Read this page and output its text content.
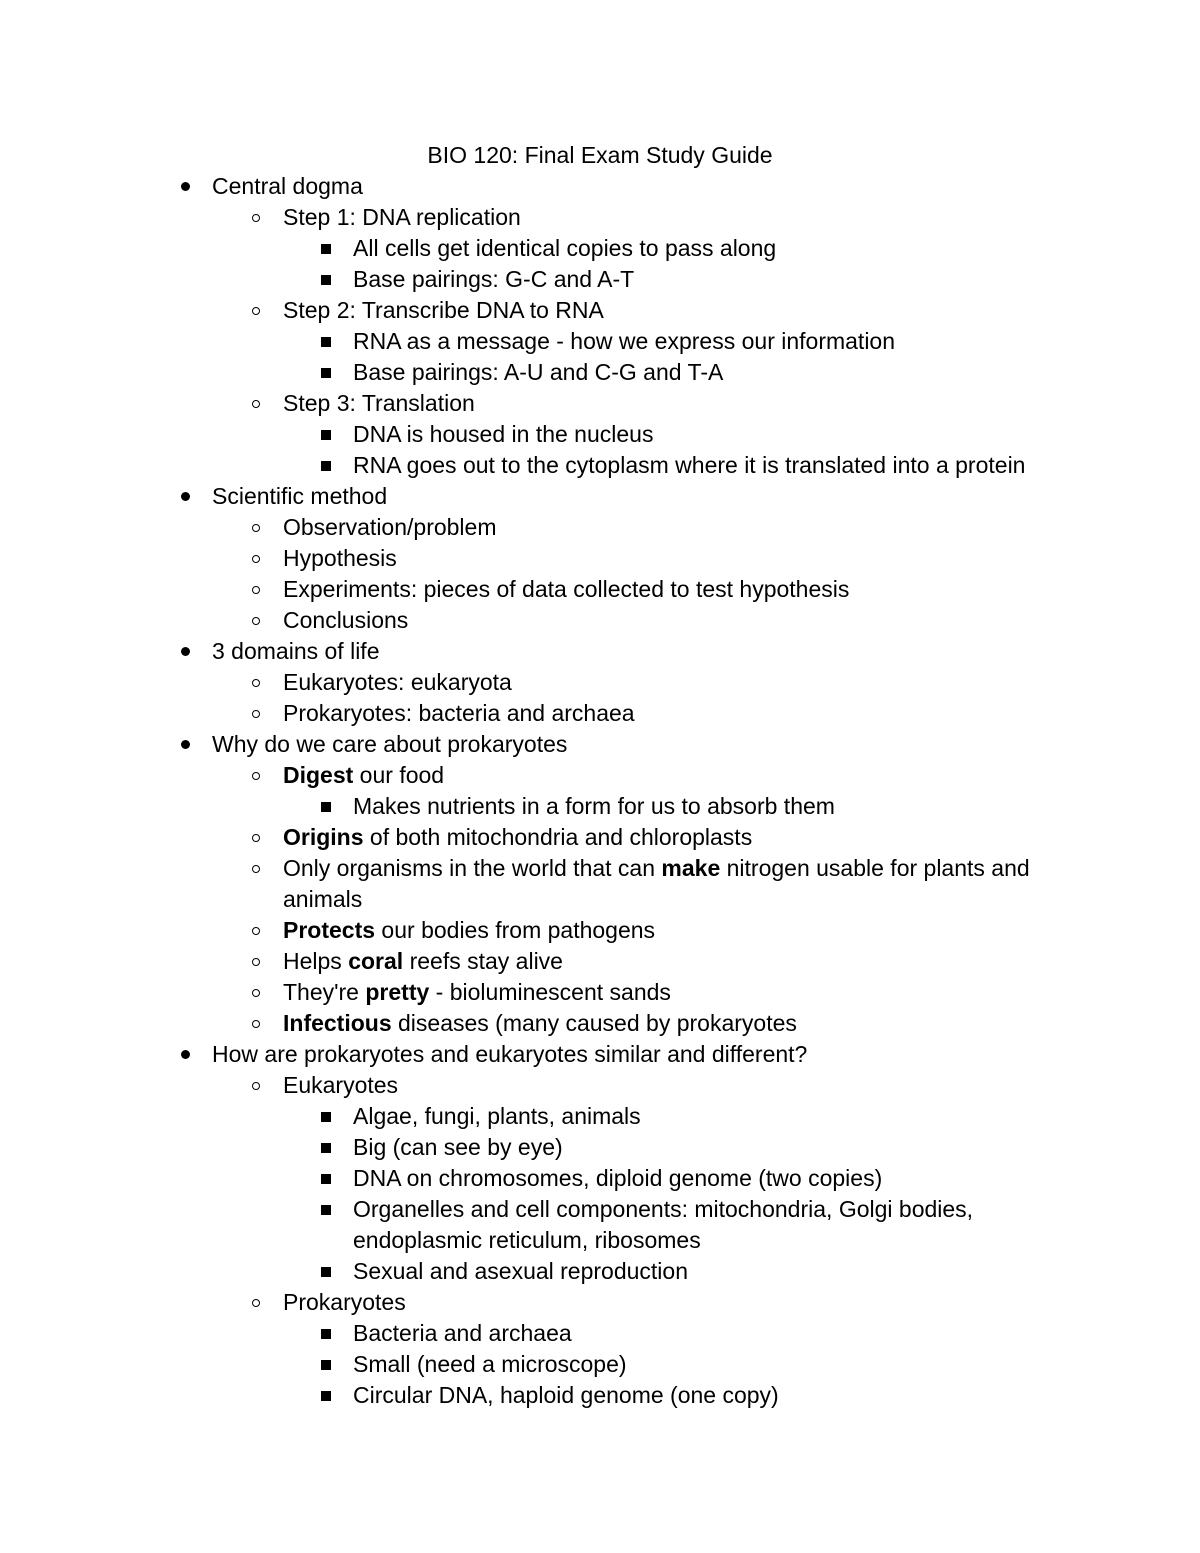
BIO 120: Final Exam Study Guide
Central dogma
Step 1: DNA replication
All cells get identical copies to pass along
Base pairings: G-C and A-T
Step 2: Transcribe DNA to RNA
RNA as a message - how we express our information
Base pairings: A-U and C-G and T-A
Step 3: Translation
DNA is housed in the nucleus
RNA goes out to the cytoplasm where it is translated into a protein
Scientific method
Observation/problem
Hypothesis
Experiments: pieces of data collected to test hypothesis
Conclusions
3 domains of life
Eukaryotes: eukaryota
Prokaryotes: bacteria and archaea
Why do we care about prokaryotes
Digest our food
Makes nutrients in a form for us to absorb them
Origins of both mitochondria and chloroplasts
Only organisms in the world that can make nitrogen usable for plants and animals
Protects our bodies from pathogens
Helps coral reefs stay alive
They're pretty - bioluminescent sands
Infectious diseases (many caused by prokaryotes
How are prokaryotes and eukaryotes similar and different?
Eukaryotes
Algae, fungi, plants, animals
Big (can see by eye)
DNA on chromosomes, diploid genome (two copies)
Organelles and cell components: mitochondria, Golgi bodies, endoplasmic reticulum, ribosomes
Sexual and asexual reproduction
Prokaryotes
Bacteria and archaea
Small (need a microscope)
Circular DNA, haploid genome (one copy)
